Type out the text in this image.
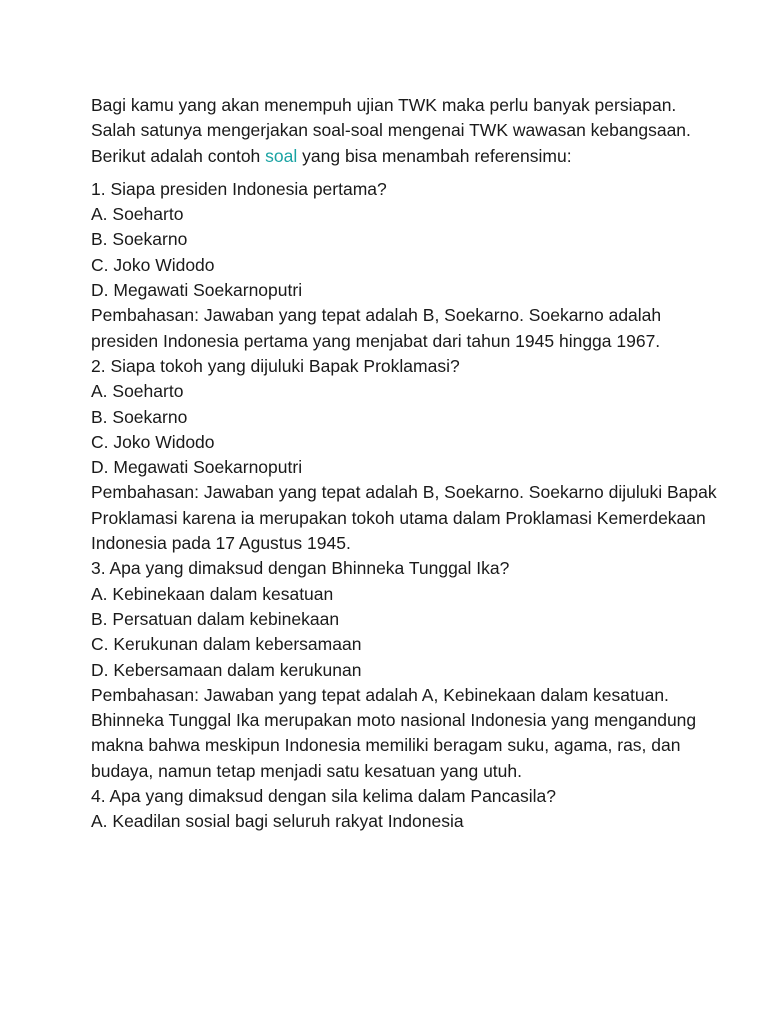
Bagi kamu yang akan menempuh ujian TWK maka perlu banyak persiapan. Salah satunya mengerjakan soal-soal mengenai TWK wawasan kebangsaan. Berikut adalah contoh soal yang bisa menambah referensimu:

1. Siapa presiden Indonesia pertama?
A. Soeharto
B. Soekarno
C. Joko Widodo
D. Megawati Soekarnoputri
Pembahasan: Jawaban yang tepat adalah B, Soekarno. Soekarno adalah presiden Indonesia pertama yang menjabat dari tahun 1945 hingga 1967.
2. Siapa tokoh yang dijuluki Bapak Proklamasi?
A. Soeharto
B. Soekarno
C. Joko Widodo
D. Megawati Soekarnoputri
Pembahasan: Jawaban yang tepat adalah B, Soekarno. Soekarno dijuluki Bapak Proklamasi karena ia merupakan tokoh utama dalam Proklamasi Kemerdekaan Indonesia pada 17 Agustus 1945.
3. Apa yang dimaksud dengan Bhinneka Tunggal Ika?
A. Kebinekaan dalam kesatuan
B. Persatuan dalam kebinekaan
C. Kerukunan dalam kebersamaan
D. Kebersamaan dalam kerukunan
Pembahasan: Jawaban yang tepat adalah A, Kebinekaan dalam kesatuan. Bhinneka Tunggal Ika merupakan moto nasional Indonesia yang mengandung makna bahwa meskipun Indonesia memiliki beragam suku, agama, ras, dan budaya, namun tetap menjadi satu kesatuan yang utuh.
4. Apa yang dimaksud dengan sila kelima dalam Pancasila?
A. Keadilan sosial bagi seluruh rakyat Indonesia
